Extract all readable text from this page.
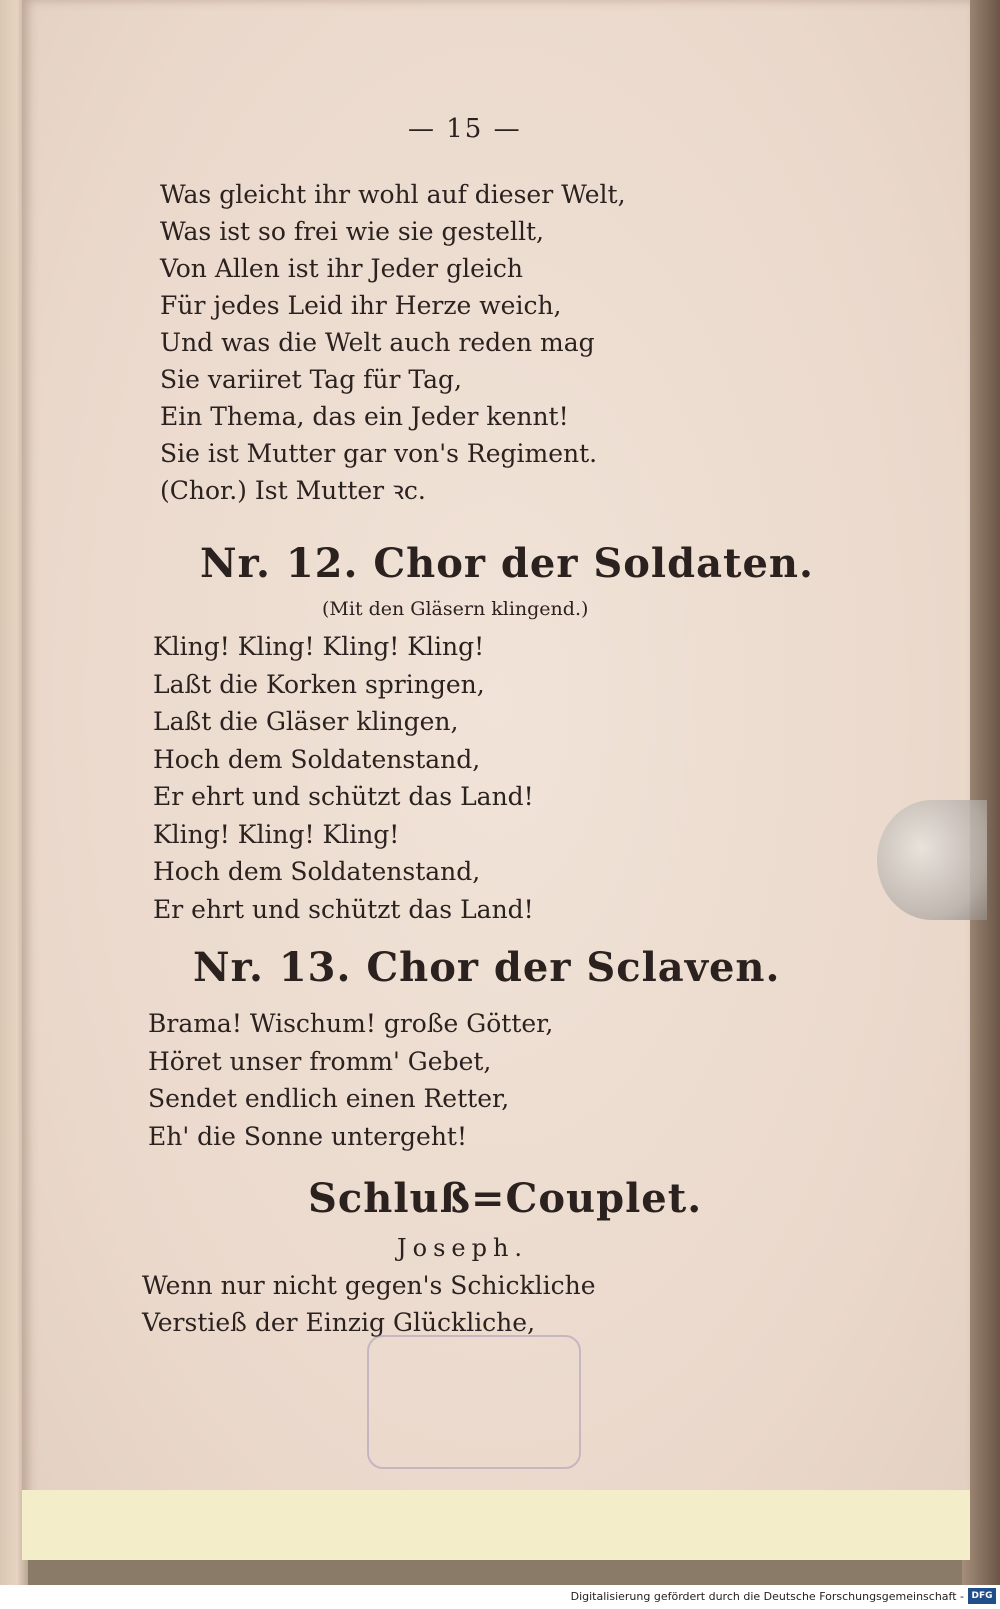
— 15 —
Was gleicht ihr wohl auf dieser Welt,
Was ist so frei wie sie gestellt,
Von Allen ist ihr Jeder gleich
Für jedes Leid ihr Herze weich,
Und was die Welt auch reden mag
Sie variiret Tag für Tag,
Ein Thema, das ein Jeder kennt!
Sie ist Mutter gar von's Regiment.
(Chor.) Ist Mutter ꝛc.
Nr. 12. Chor der Soldaten.
(Mit den Gläsern klingend.)
Kling! Kling! Kling! Kling!
Laßt die Korken springen,
Laßt die Gläser klingen,
Hoch dem Soldatenstand,
Er ehrt und schützt das Land!
Kling! Kling! Kling!
Hoch dem Soldatenstand,
Er ehrt und schützt das Land!
Nr. 13. Chor der Sclaven.
Brama! Wischum! große Götter,
Höret unser fromm' Gebet,
Sendet endlich einen Retter,
Eh' die Sonne untergeht!
Schluß=Couplet.
Joseph.
Wenn nur nicht gegen's Schickliche
Verstieß der Einzig Glückliche,
Digitalisierung gefördert durch die Deutsche Forschungsgemeinschaft - DFG
